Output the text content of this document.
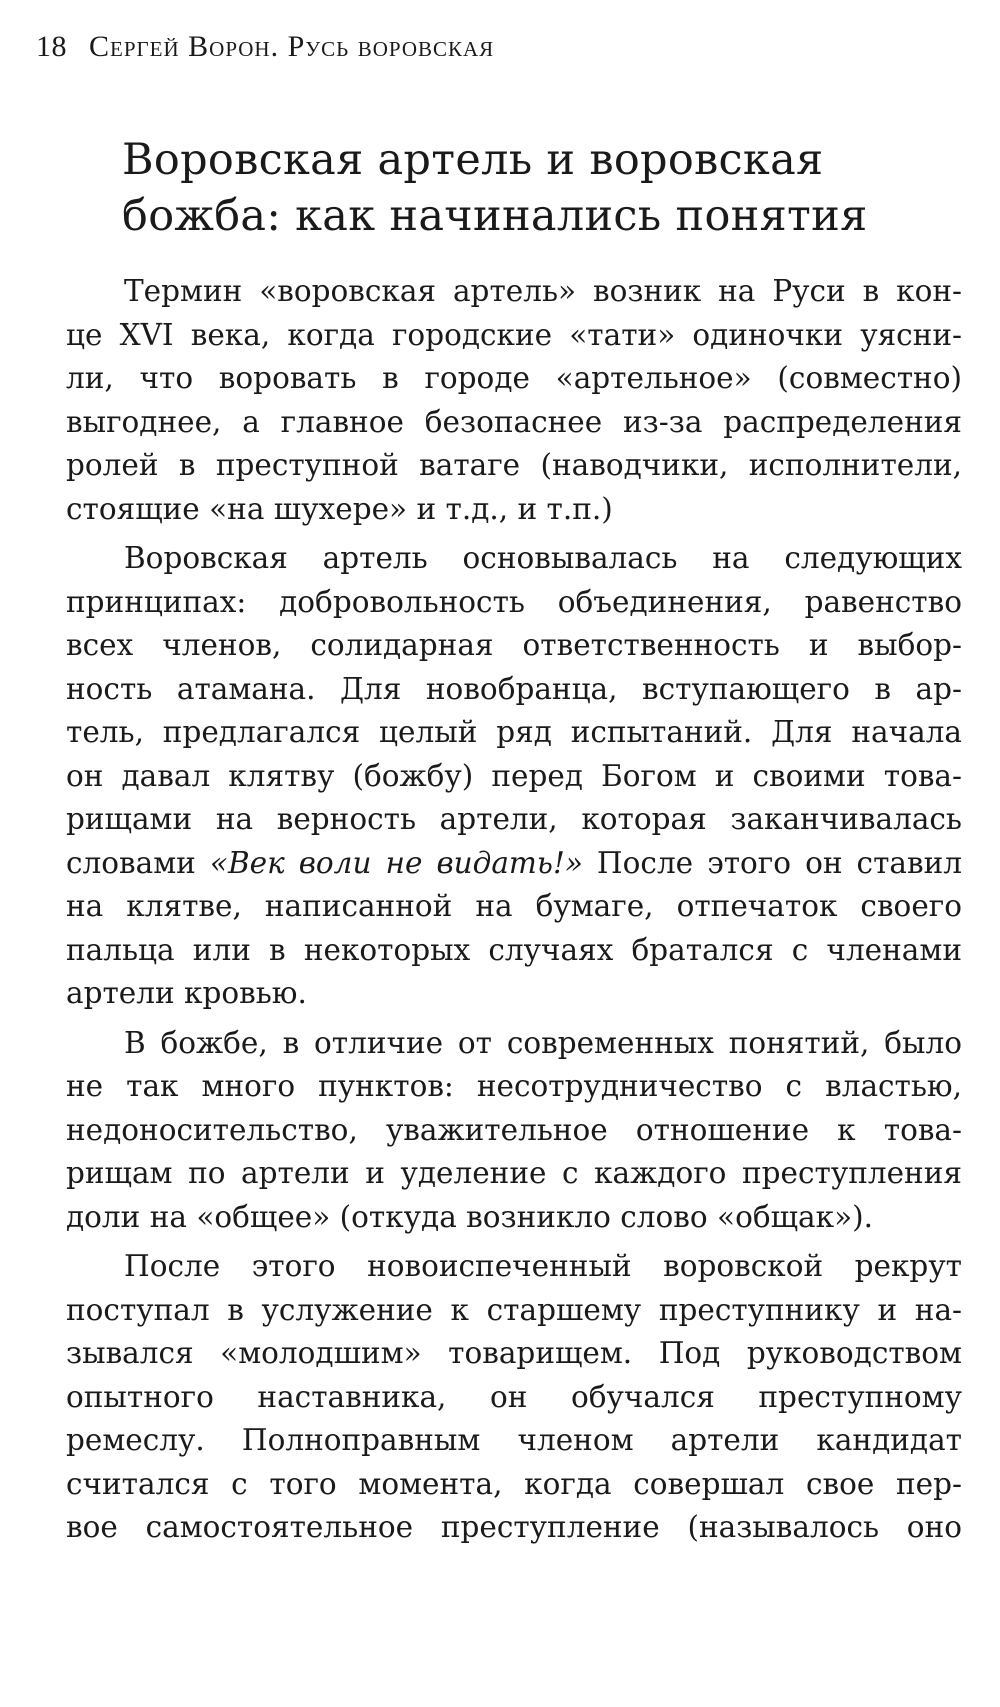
18 Сергей Ворон. Русь воровская
Воровская артель и воровская
божба: как начинались понятия
Термин «воровская артель» возник на Руси в кон-
це XVI века, когда городские «тати» одиночки уясни-
ли, что воровать в городе «артельное» (совместно)
выгоднее, а главное безопаснее из-за распределения
ролей в преступной ватаге (наводчики, исполнители,
стоящие «на шухере» и т.д., и т.п.)
Воровская артель основывалась на следующих
принципах: добровольность объединения, равенство
всех членов, солидарная ответственность и выбор-
ность атамана. Для новобранца, вступающего в ар-
тель, предлагался целый ряд испытаний. Для начала
он давал клятву (божбу) перед Богом и своими това-
рищами на верность артели, которая заканчивалась
словами «Век воли не видать!» После этого он ставил
на клятве, написанной на бумаге, отпечаток своего
пальца или в некоторых случаях братался с членами
артели кровью.
В божбе, в отличие от современных понятий, было
не так много пунктов: несотрудничество с властью,
недоносительство, уважительное отношение к това-
рищам по артели и уделение с каждого преступления
доли на «общее» (откуда возникло слово «общак»).
После этого новоиспеченный воровской рекрут
поступал в услужение к старшему преступнику и на-
зывался «молодшим» товарищем. Под руководством
опытного наставника, он обучался преступному
ремеслу. Полноправным членом артели кандидат
считался с того момента, когда совершал свое пер-
вое самостоятельное преступление (называлось оно
